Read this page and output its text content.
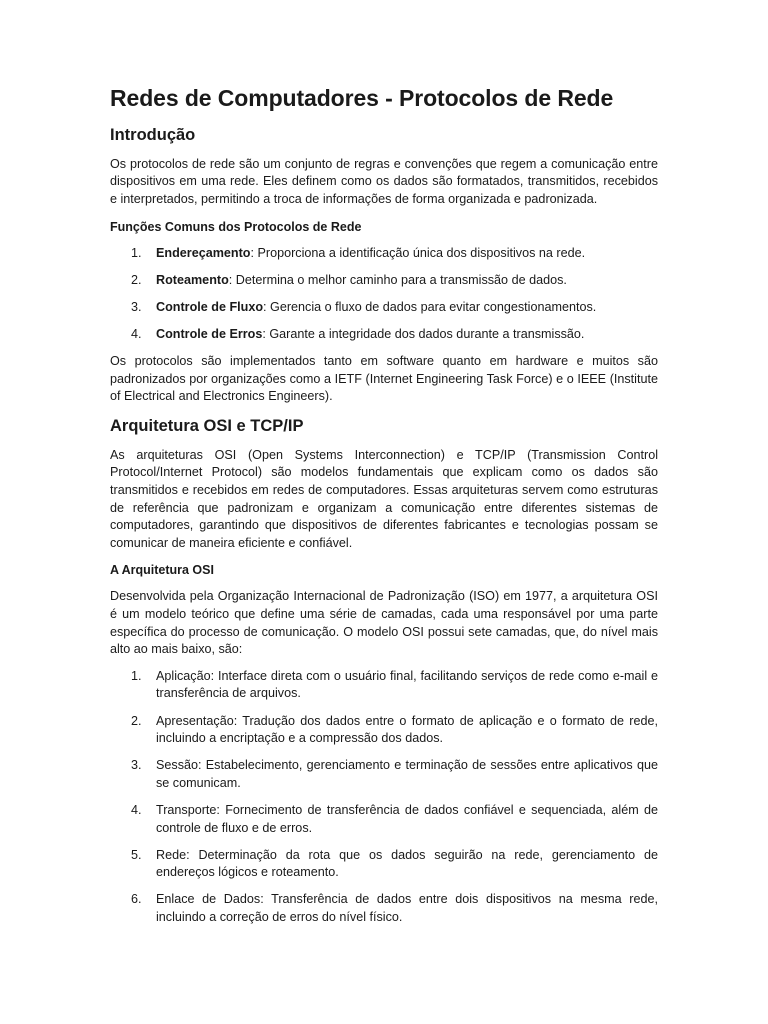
Redes de Computadores - Protocolos de Rede
Introdução

Os protocolos de rede são um conjunto de regras e convenções que regem a comunicação entre dispositivos em uma rede. Eles definem como os dados são formatados, transmitidos, recebidos e interpretados, permitindo a troca de informações de forma organizada e padronizada.

Funções Comuns dos Protocolos de Rede
1.	Endereçamento: Proporciona a identificação única dos dispositivos na rede.
2.	Roteamento: Determina o melhor caminho para a transmissão de dados.
3.	Controle de Fluxo: Gerencia o fluxo de dados para evitar congestionamentos.
4.	Controle de Erros: Garante a integridade dos dados durante a transmissão.

Os protocolos são implementados tanto em software quanto em hardware e muitos são padronizados por organizações como a IETF (Internet Engineering Task Force) e o IEEE (Institute of Electrical and Electronics Engineers).

Arquitetura OSI e TCP/IP

As arquiteturas OSI (Open Systems Interconnection) e TCP/IP (Transmission Control Protocol/Internet Protocol) são modelos fundamentais que explicam como os dados são transmitidos e recebidos em redes de computadores. Essas arquiteturas servem como estruturas de referência que padronizam e organizam a comunicação entre diferentes sistemas de computadores, garantindo que dispositivos de diferentes fabricantes e tecnologias possam se comunicar de maneira eficiente e confiável.

A Arquitetura OSI

Desenvolvida pela Organização Internacional de Padronização (ISO) em 1977, a arquitetura OSI é um modelo teórico que define uma série de camadas, cada uma responsável por uma parte específica do processo de comunicação. O modelo OSI possui sete camadas, que, do nível mais alto ao mais baixo, são:

1.	Aplicação: Interface direta com o usuário final, facilitando serviços de rede como e-mail e transferência de arquivos.
2.	Apresentação: Tradução dos dados entre o formato de aplicação e o formato de rede, incluindo a encriptação e a compressão dos dados.
3.	Sessão: Estabelecimento, gerenciamento e terminação de sessões entre aplicativos que se comunicam.
4.	Transporte: Fornecimento de transferência de dados confiável e sequenciada, além de controle de fluxo e de erros.
5.	Rede: Determinação da rota que os dados seguirão na rede, gerenciamento de endereços lógicos e roteamento.
6.	Enlace de Dados: Transferência de dados entre dois dispositivos na mesma rede, incluindo a correção de erros do nível físico.
